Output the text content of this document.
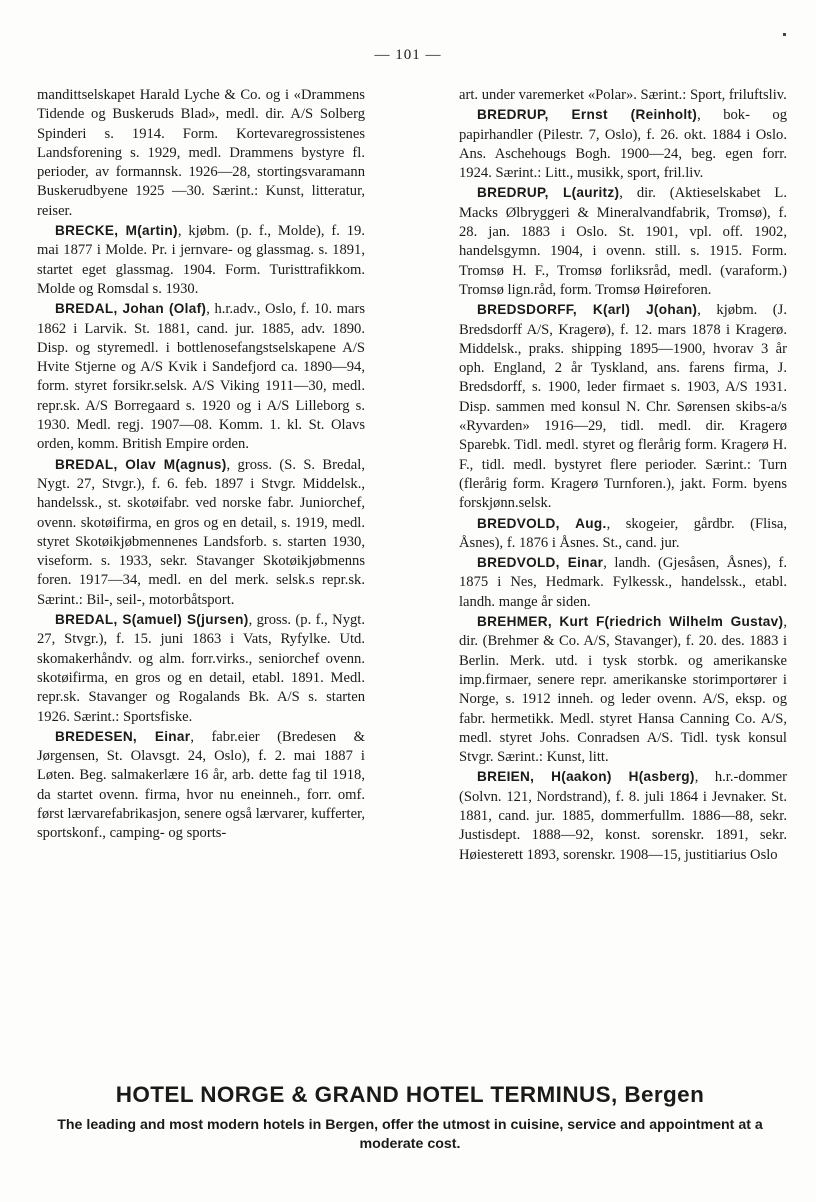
— 101 —

mandittselskapet Harald Lyche & Co. og i «Drammens Tidende og Buskeruds Blad», medl. dir. A/S Solberg Spinderi s. 1914. Form. Kortevaregrossistenes Landsforening s. 1929, medl. Drammens bystyre fl. perioder, av formannsk. 1926—28, stortingsvaramann Buskerudbyene 1925 —30. Særint.: Kunst, litteratur, reiser.

BRECKE, M(artin), kjøbm. (p. f., Molde), f. 19. mai 1877 i Molde. Pr. i jernvare- og glassmag. s. 1891, startet eget glassmag. 1904. Form. Turisttrafikkom. Molde og Romsdal s. 1930.

BREDAL, Johan (Olaf), h.r.adv., Oslo, f. 10. mars 1862 i Larvik. St. 1881, cand. jur. 1885, adv. 1890. Disp. og styremedl. i bottlenosefangstselskapene A/S Hvite Stjerne og A/S Kvik i Sandefjord ca. 1890—94, form. styret forsikr.selsk. A/S Viking 1911—30, medl. repr.sk. A/S Borregaard s. 1920 og i A/S Lilleborg s. 1930. Medl. regj. 1907—08. Komm. 1. kl. St. Olavs orden, komm. British Empire orden.

BREDAL, Olav M(agnus), gross. (S. S. Bredal, Nygt. 27, Stvgr.), f. 6. feb. 1897 i Stvgr. Middelsk., handelssk., st. skotøifabr. ved norske fabr. Juniorchef, ovenn. skotøifirma, en gros og en detail, s. 1919, medl. styret Skotøikjøbmennenes Landsforb. s. starten 1930, viseform. s. 1933, sekr. Stavanger Skotøikjøbmenns foren. 1917—34, medl. en del merk. selsk.s repr.sk. Særint.: Bil-, seil-, motorbåtsport.

BREDAL, S(amuel) S(jursen), gross. (p. f., Nygt. 27, Stvgr.), f. 15. juni 1863 i Vats, Ryfylke. Utd. skomakerhåndv. og alm. forr.virks., seniorchef ovenn. skotøifirma, en gros og en detail, etabl. 1891. Medl. repr.sk. Stavanger og Rogalands Bk. A/S s. starten 1926. Særint.: Sportsfiske.

BREDESEN, Einar, fabr.eier (Bredesen & Jørgensen, St. Olavsgt. 24, Oslo), f. 2. mai 1887 i Løten. Beg. salmakerlære 16 år, arb. dette fag til 1918, da startet ovenn. firma, hvor nu eneinneh., forr. omf. først lærvarefabrikasjon, senere også lærvarer, kufferter, sportskonf., camping- og sports-

art. under varemerket «Polar». Særint.: Sport, friluftsliv.

BREDRUP, Ernst (Reinholt), bok- og papirhandler (Pilestr. 7, Oslo), f. 26. okt. 1884 i Oslo. Ans. Aschehougs Bogh. 1900—24, beg. egen forr. 1924. Særint.: Litt., musikk, sport, fril.liv.

BREDRUP, L(auritz), dir. (Aktieselskabet L. Macks Ølbryggeri & Mineralvandfabrik, Tromsø), f. 28. jan. 1883 i Oslo. St. 1901, vpl. off. 1902, handelsgymn. 1904, i ovenn. still. s. 1915. Form. Tromsø H. F., Tromsø forliksråd, medl. (varaform.) Tromsø lign.råd, form. Tromsø Høireforen.

BREDSDORFF, K(arl) J(ohan), kjøbm. (J. Bredsdorff A/S, Kragerø), f. 12. mars 1878 i Kragerø. Middelsk., praks. shipping 1895—1900, hvorav 3 år oph. England, 2 år Tyskland, ans. farens firma, J. Bredsdorff, s. 1900, leder firmaet s. 1903, A/S 1931. Disp. sammen med konsul N. Chr. Sørensen skibs-a/s «Ryvarden» 1916—29, tidl. medl. dir. Kragerø Sparebk. Tidl. medl. styret og flerårig form. Kragerø H. F., tidl. medl. bystyret flere perioder. Særint.: Turn (flerårig form. Kragerø Turnforen.), jakt. Form. byens forskjønn.selsk.

BREDVOLD, Aug., skogeier, gårdbr. (Flisa, Åsnes), f. 1876 i Åsnes. St., cand. jur.

BREDVOLD, Einar, landh. (Gjesåsen, Åsnes), f. 1875 i Nes, Hedmark. Fylkessk., handelssk., etabl. landh. mange år siden.

BREHMER, Kurt F(riedrich Wilhelm Gustav), dir. (Brehmer & Co. A/S, Stavanger), f. 20. des. 1883 i Berlin. Merk. utd. i tysk storbk. og amerikanske imp.firmaer, senere repr. amerikanske storimportører i Norge, s. 1912 inneh. og leder ovenn. A/S, eksp. og fabr. hermetikk. Medl. styret Hansa Canning Co. A/S, medl. styret Johs. Conradsen A/S. Tidl. tysk konsul Stvgr. Særint.: Kunst, litt.

BREIEN, H(aakon) H(asberg), h.r.-dommer (Solvn. 121, Nordstrand), f. 8. juli 1864 i Jevnaker. St. 1881, cand. jur. 1885, dommerfullm. 1886—88, sekr. Justisdept. 1888—92, konst. sorenskr. 1891, sekr. Høiesterett 1893, sorenskr. 1908—15, justitiarius Oslo

HOTEL NORGE & GRAND HOTEL TERMINUS, Bergen
The leading and most modern hotels in Bergen, offer the utmost in cuisine, service and appointment at a moderate cost.
